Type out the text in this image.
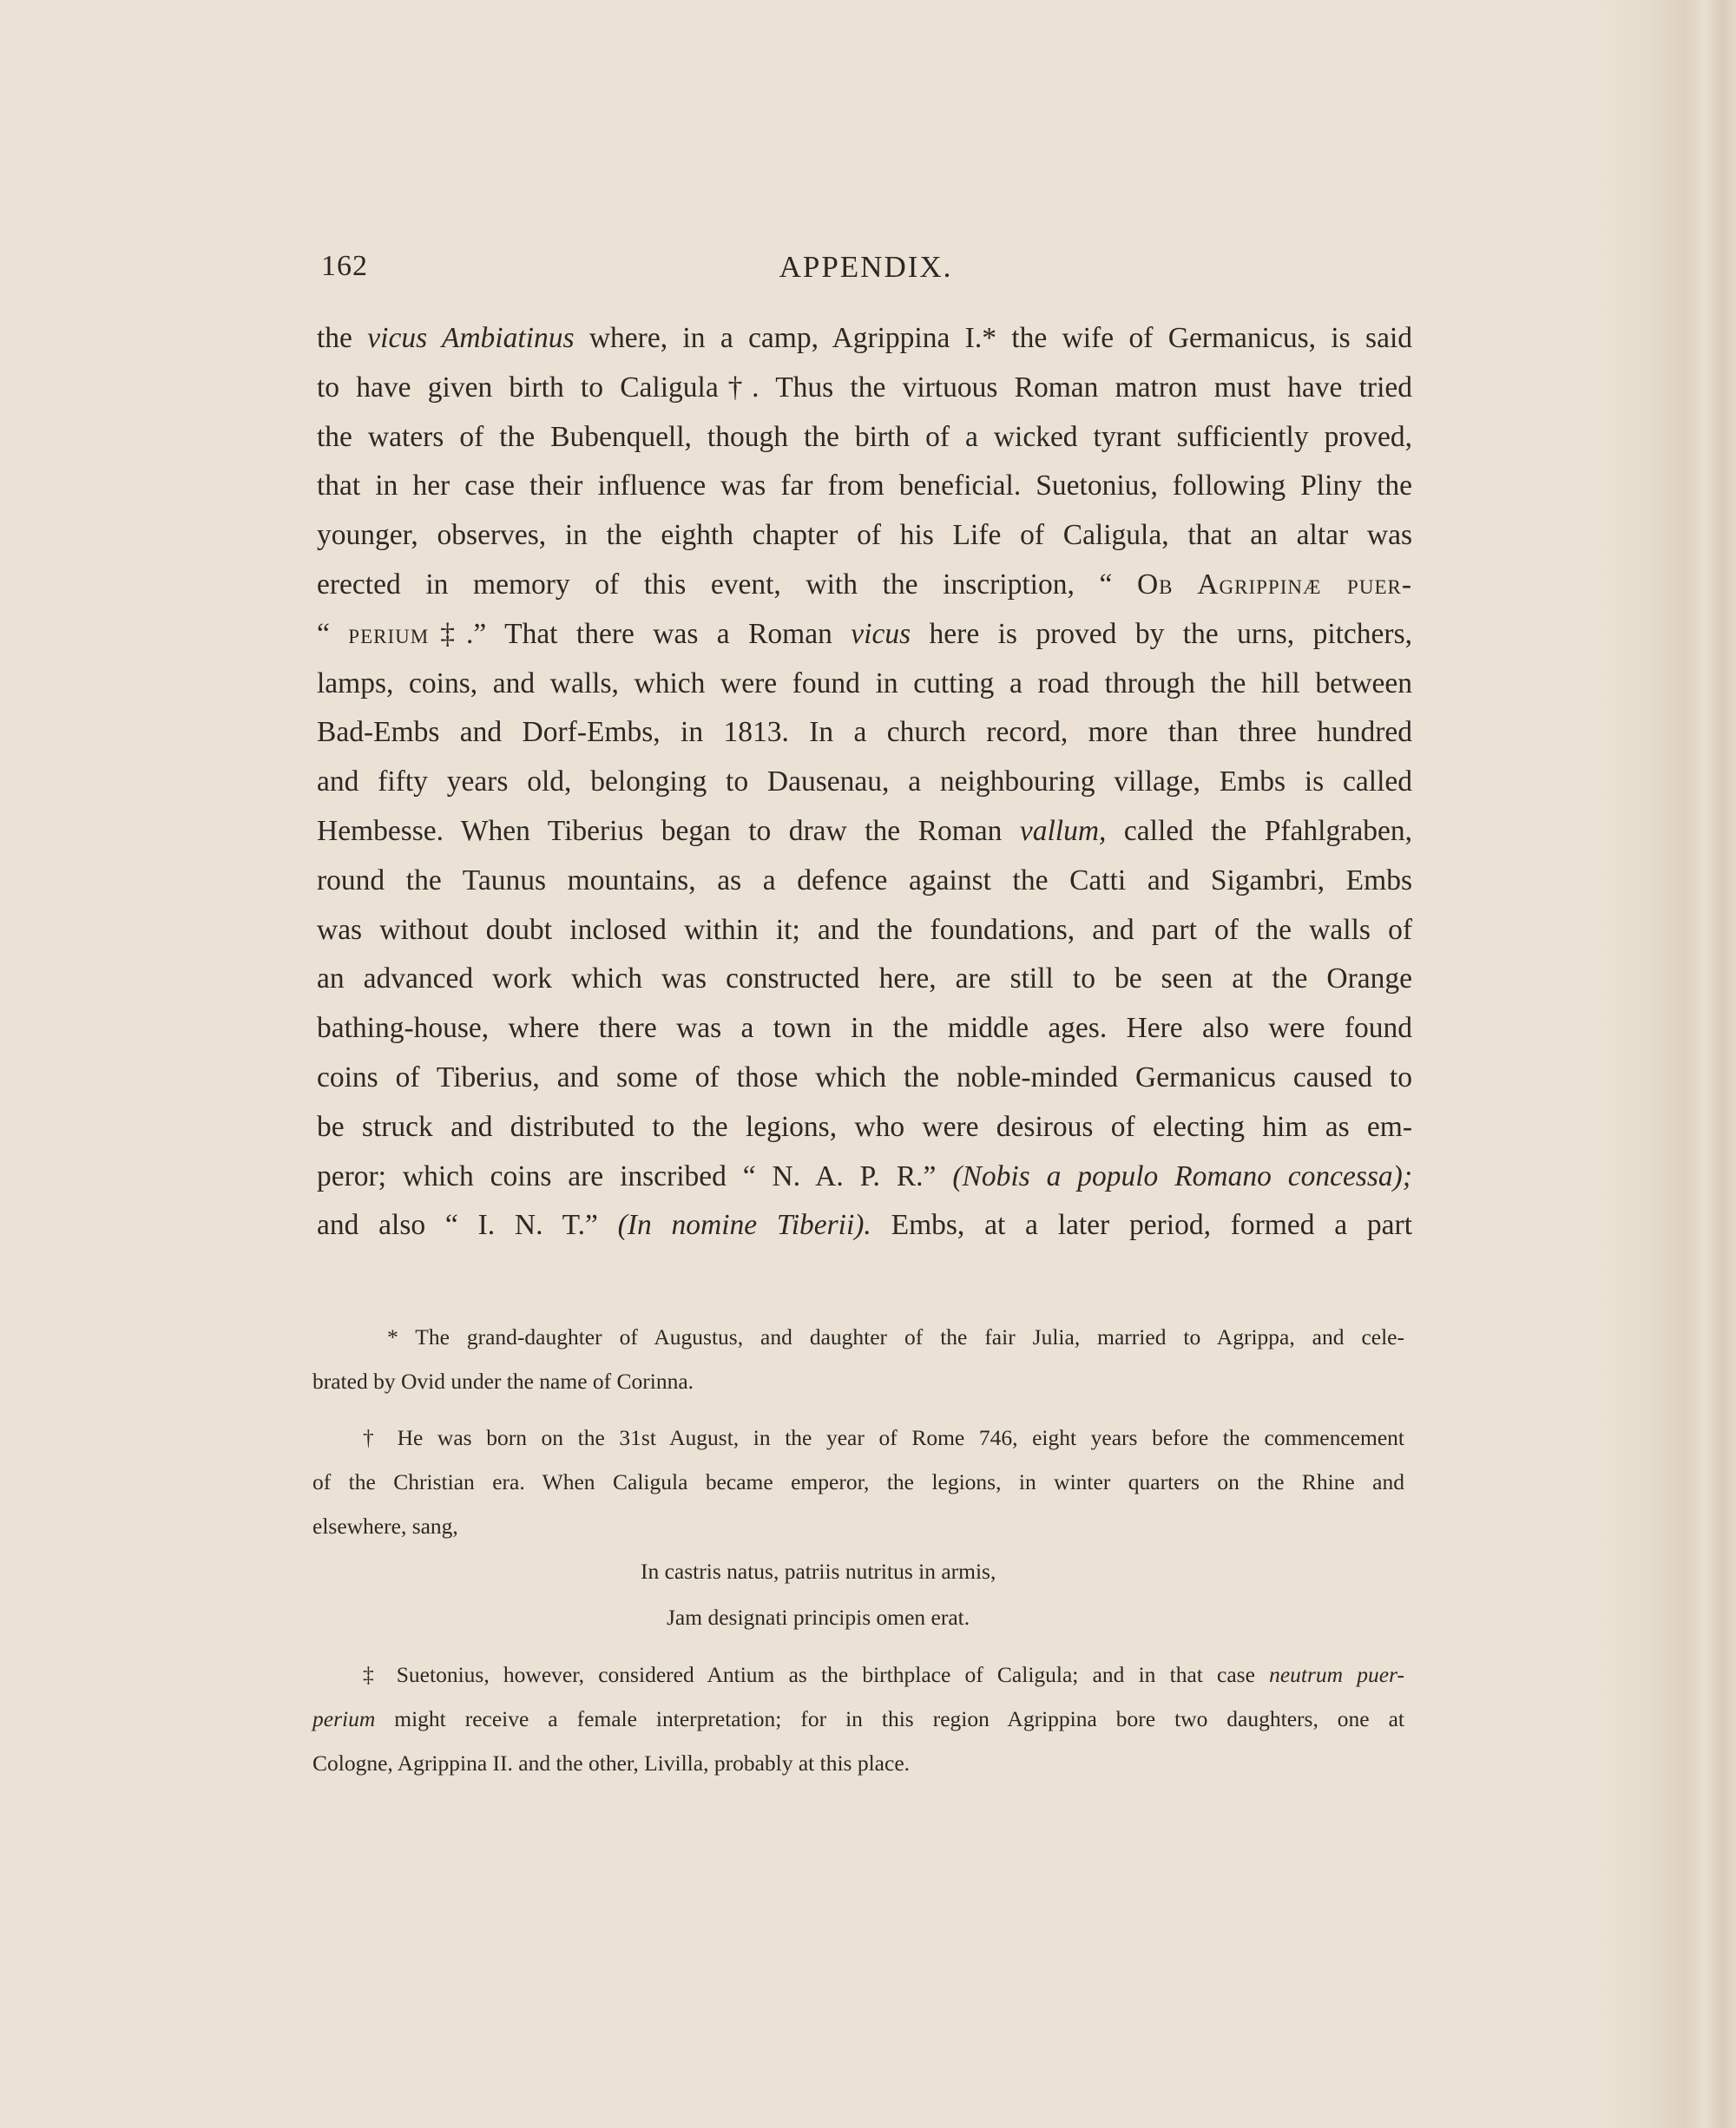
162	APPENDIX.
the vicus Ambiatinus where, in a camp, Agrippina I.* the wife of Germanicus, is said
to have given birth to Caligula†. Thus the virtuous Roman matron must have tried
the waters of the Bubenquell, though the birth of a wicked tyrant sufficiently proved,
that in her case their influence was far from beneficial. Suetonius, following Pliny the
younger, observes, in the eighth chapter of his Life of Caligula, that an altar was
erected in memory of this event, with the inscription, “ Ob Agrippinæ puer-
“ perium‡.” That there was a Roman vicus here is proved by the urns, pitchers,
lamps, coins, and walls, which were found in cutting a road through the hill between
Bad-Embs and Dorf-Embs, in 1813. In a church record, more than three hundred
and fifty years old, belonging to Dausenau, a neighbouring village, Embs is called
Hembesse. When Tiberius began to draw the Roman vallum, called the Pfahlgraben,
round the Taunus mountains, as a defence against the Catti and Sigambri, Embs
was without doubt inclosed within it; and the foundations, and part of the walls of
an advanced work which was constructed here, are still to be seen at the Orange
bathing-house, where there was a town in the middle ages. Here also were found
coins of Tiberius, and some of those which the noble-minded Germanicus caused to
be struck and distributed to the legions, who were desirous of electing him as em-
peror; which coins are inscribed “ N. A. P. R.” (Nobis a populo Romano concessa);
and also “ I. N. T.” (In nomine Tiberii). Embs, at a later period, formed a part
* The grand-daughter of Augustus, and daughter of the fair Julia, married to Agrippa, and cele-
brated by Ovid under the name of Corinna.
† He was born on the 31st August, in the year of Rome 746, eight years before the commencement
of the Christian era. When Caligula became emperor, the legions, in winter quarters on the Rhine and
elsewhere, sang,
In castris natus, patriis nutritus in armis,
Jam designati principis omen erat.
‡ Suetonius, however, considered Antium as the birthplace of Caligula; and in that case neutrum puer-
perium might receive a female interpretation; for in this region Agrippina bore two daughters, one at
Cologne, Agrippina II. and the other, Livilla, probably at this place.
